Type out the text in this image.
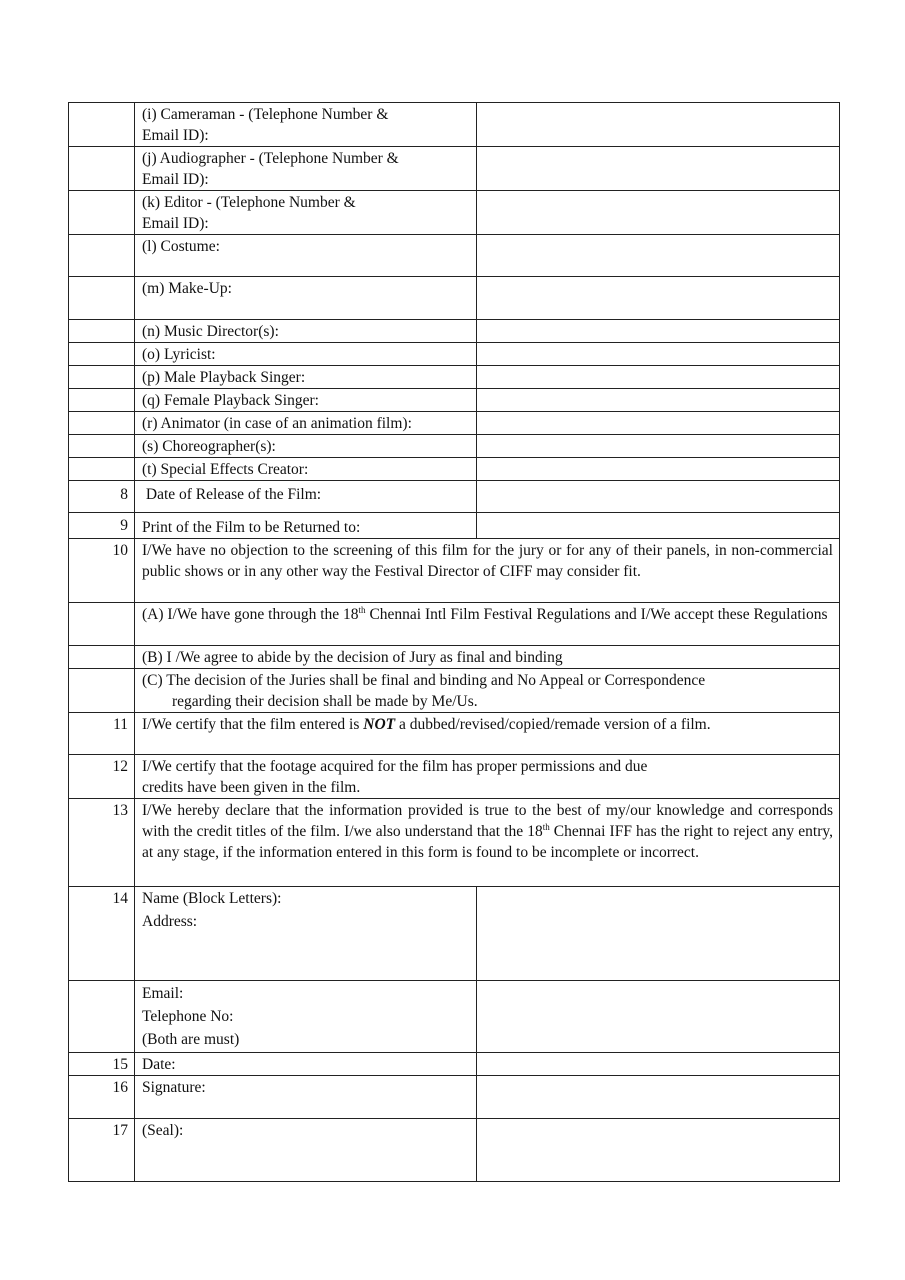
	(i) Cameraman - (Telephone Number &
Email ID):	

	(j) Audiographer - (Telephone Number &
Email ID):	

	(k) Editor - (Telephone Number &
Email ID):	

	(l) Costume:	

	(m) Make-Up:	

	(n) Music Director(s):	

	(o) Lyricist:	

	(p) Male Playback Singer:	

	(q) Female Playback Singer:	

	(r) Animator (in case of an animation film):	

	(s) Choreographer(s):	

	(t) Special Effects Creator:	

8	Date of Release of the Film:	

9	Print of the Film to be Returned to:	

10	I/We have no objection to the screening of this film for the jury or for any of their panels, in non-commercial public shows or in any other way the Festival Director of CIFF may consider fit.	
	(A) I/We have gone through the 18th Chennai Intl Film Festival Regulations and I/We accept these Regulations	
	(B) I /We agree to abide by the decision of Jury as final and binding	

	(C) The decision of the Juries shall be final and binding and No Appeal or Correspondence
regarding their decision shall be made by Me/Us.	

11	I/We certify that the film entered is NOT a dubbed/revised/copied/remade version of a film.	
12	I/We certify that the footage acquired for the film has proper permissions and due
credits have been given in the film.	

13	I/We hereby declare that the information provided is true to the best of my/our knowledge and corresponds with the credit titles of the film. I/we also understand that the 18th Chennai IFF has the right to reject any entry, at any stage, if the information entered in this form is found to be incomplete or incorrect.	
14	Name (Block Letters):
Address:	

	Email:
Telephone No:
(Both are must)	

15	Date:	
16	Signature:	
17	(Seal):	
